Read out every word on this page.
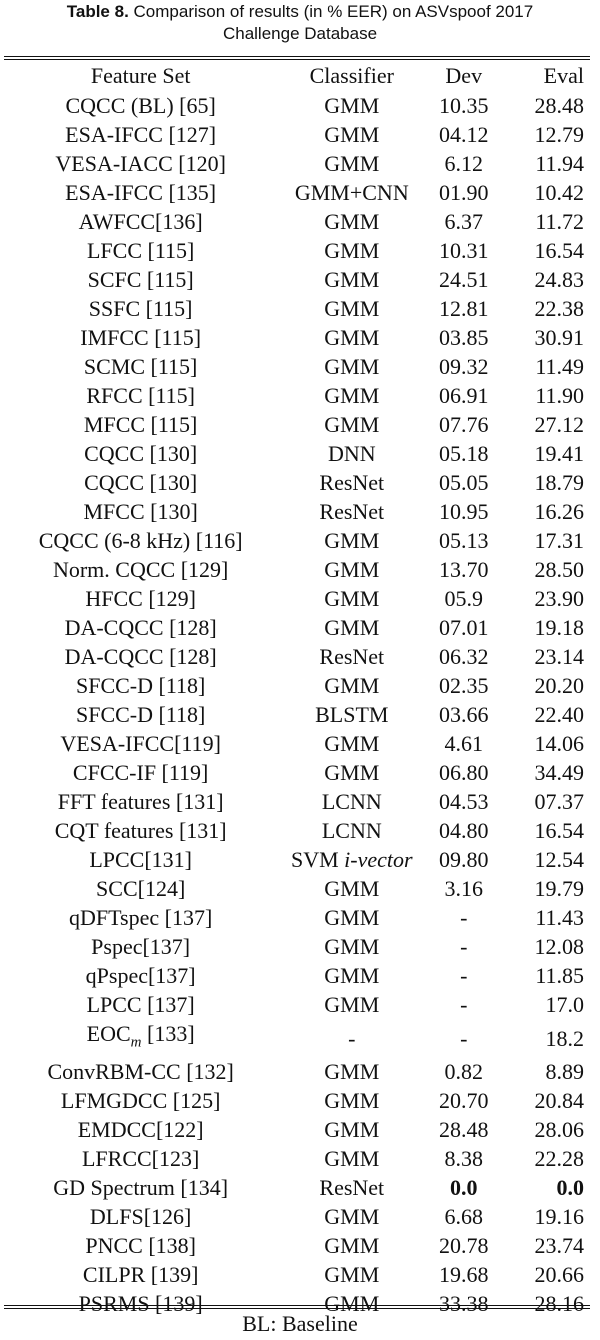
Table 8. Comparison of results (in % EER) on ASVspoof 2017
Challenge Database
Feature Set	Classifier	Dev	Eval
CQCC (BL) [65]	GMM	10.35	28.48
ESA-IFCC [127]	GMM	04.12	12.79
VESA-IACC [120]	GMM	6.12	11.94
ESA-IFCC [135]	GMM+CNN	01.90	10.42
AWFCC[136]	GMM	6.37	11.72
LFCC [115]	GMM	10.31	16.54
SCFC [115]	GMM	24.51	24.83
SSFC [115]	GMM	12.81	22.38
IMFCC [115]	GMM	03.85	30.91
SCMC [115]	GMM	09.32	11.49
RFCC [115]	GMM	06.91	11.90
MFCC [115]	GMM	07.76	27.12
CQCC [130]	DNN	05.18	19.41
CQCC [130]	ResNet	05.05	18.79
MFCC [130]	ResNet	10.95	16.26
CQCC (6-8 kHz) [116]	GMM	05.13	17.31
Norm. CQCC [129]	GMM	13.70	28.50
HFCC [129]	GMM	05.9	23.90
DA-CQCC [128]	GMM	07.01	19.18
DA-CQCC [128]	ResNet	06.32	23.14
SFCC-D [118]	GMM	02.35	20.20
SFCC-D [118]	BLSTM	03.66	22.40
VESA-IFCC[119]	GMM	4.61	14.06
CFCC-IF [119]	GMM	06.80	34.49
FFT features [131]	LCNN	04.53	07.37
CQT features [131]	LCNN	04.80	16.54
LPCC[131]	SVM i-vector	09.80	12.54
SCC[124]	GMM	3.16	19.79
qDFTspec [137]	GMM	-	11.43
Pspec[137]	GMM	-	12.08
qPspec[137]	GMM	-	11.85
LPCC [137]	GMM	-	17.0
$EOC_m$ [133]	-	-	18.2
ConvRBM-CC [132]	GMM	0.82	8.89
LFMGDCC [125]	GMM	20.70	20.84
EMDCC[122]	GMM	28.48	28.06
LFRCC[123]	GMM	8.38	22.28
GD Spectrum [134]	ResNet	0.0	0.0
DLFS[126]	GMM	6.68	19.16
PNCC [138]	GMM	20.78	23.74
CILPR [139]	GMM	19.68	20.66
PSRMS [139]	GMM	33.38	28.16
BL: Baseline
